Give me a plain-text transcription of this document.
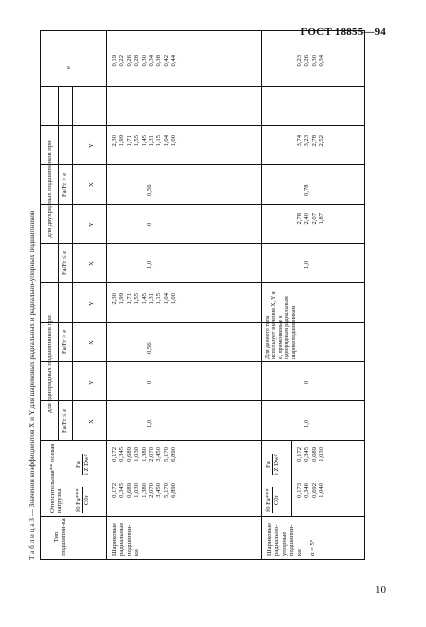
ГОСТ 18855—94
10
Т а б л и ц а 3 — Значения коэффициентов X и Y для шариковых радиальных и радиально-упорных подшипников	Тип подшипни-ка
Относительная** осевая нагрузка f0 Fa*** C0r
Fa i Z Dw²
для однорядных подшипников при
для двухрядных подшипников при
e
Fa/Fr ≤ e
Fa/Fr > e
Fa/Fr ≤ e
Fa/Fr > e
X
Y
X
Y
X
Y
X
Y
Шариковые радиальные подшипни-ки
0,172 0,345 0,689 1,030 1,380 2,070 3,450 5,170 6,890
0,172 0,345 0,689 1,030 1,380 2,070 3,450 5,170 6,890
1,0
0
0,56
2,30 1,99 1,71 1,55 1,45 1,31 1,15 1,04 1,00
1,0
0
0,56
2,30 1,99 1,71 1,55 1,45 1,31 1,15 1,04 1,00
0,19 0,22 0,26 0,28 0,30 0,34 0,38 0,42 0,44
Шариковые радиально-упорные подшипни-ки
f0 Fa*** C0r
Fa i Z Dw²
α = 5°
0,173 0,346 0,692 1,040
0,172 0,345 0,689 1,030
1,0
0
Для данного типа использует значения X, Y и e, применяемые к однорядным радиальным шарикоподшипникам
1,0
2,78 2,40 2,07 1,87
0,78
3,74 3,23 2,78 2,52
0,23 0,26 0,30 0,34
